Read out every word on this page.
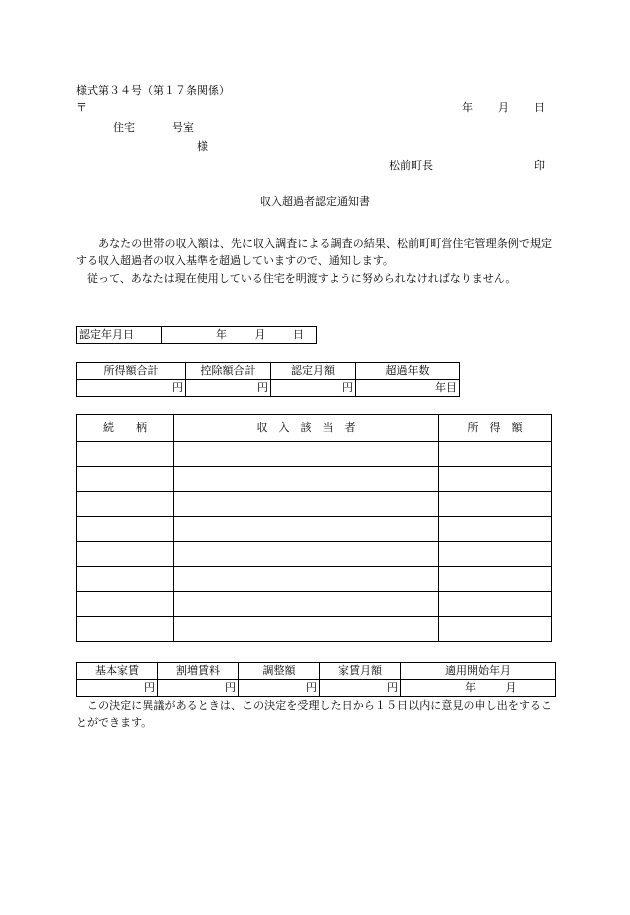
様式第３４号（第１７条関係）
〒	年 月 日
住宅	号室
様
松前町長	印
収入超過者認定通知書
あなたの世帯の収入額は、先に収入調査による調査の結果、松前町町営住宅管理条例で規定する収入超過者の収入基準を超過していますので、通知します。
従って、あなたは現在使用している住宅を明渡すように努められなければなりません。
認定年月日	年	月	日
所得額合計	控除額合計	認定月額	超過年数
円	円	円	年目
続　　柄	収　入　該　当　者	所　得　額

基本家賃	割増賃料	調整額	家賃月額	適用開始年月
円	円	円	円	年 月
この決定に異議があるときは、この決定を受理した日から１５日以内に意見の申し出をすることができます。
